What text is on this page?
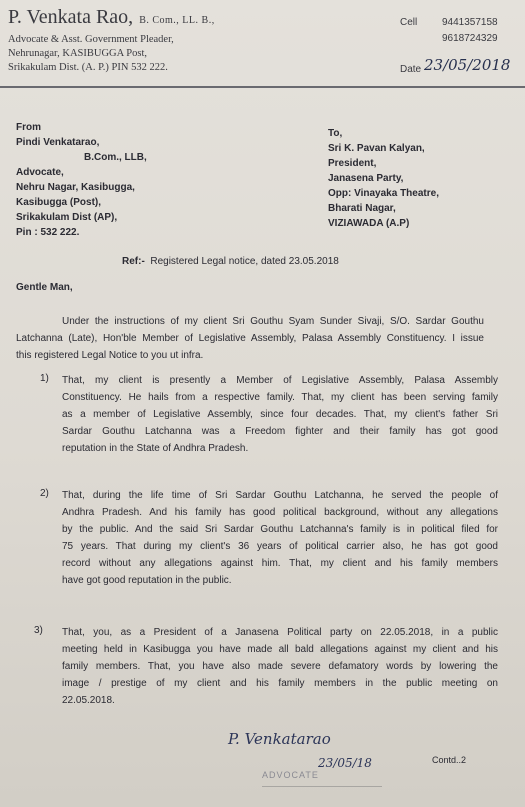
P. Venkata Rao, B. Com., LL. B.,
Advocate & Asst. Government Pleader,
Nehrunagar, KASIBUGGA Post,
Srikakulam Dist. (A. P.) PIN 532 222.
Cell 9441357158
9618724329
Date 23/05/2018
From
Pindi Venkatarao,
B.Com., LLB,
Advocate,
Nehru Nagar, Kasibugga,
Kasibugga (Post),
Srikakulam Dist (AP),
Pin : 532 222.
To,
Sri K. Pavan Kalyan,
President,
Janasena Party,
Opp: Vinayaka Theatre,
Bharati Nagar,
VIZIAWADA (A.P)
Ref:- Registered Legal notice, dated 23.05.2018
Gentle Man,
Under the instructions of my client Sri Gouthu Syam Sunder Sivaji, S/O. Sardar Gouthu
Latchanna (Late), Hon'ble Member of Legislative Assembly, Palasa Assembly Constituency. I issue
this registered Legal Notice to you ut infra.
1) That, my client is presently a Member of Legislative Assembly, Palasa Assembly
Constituency. He hails from a respective family. That, my client has been serving family
as a member of Legislative Assembly, since four decades. That, my client's father Sri
Sardar Gouthu Latchanna was a Freedom fighter and their family has got good
reputation in the State of Andhra Pradesh.
2) That, during the life time of Sri Sardar Gouthu Latchanna, he served the people of
Andhra Pradesh. And his family has good political background, without any allegations
by the public. And the said Sri Sardar Gouthu Latchanna's family is in political filed for
75 years. That during my client's 36 years of political carrier also, he has got good
record without any allegations against him. That, my client and his family members
have got good reputation in the public.
3) That, you, as a President of a Janasena Political party on 22.05.2018, in a public
meeting held in Kasibugga you have made all bald allegations against my client and his
family members. That, you have also made severe defamatory words by lowering the
image / prestige of my client and his family members in the public meeting on
22.05.2018.
P. Venkatarao
23/05/18
ADVOCATE
Contd..2
